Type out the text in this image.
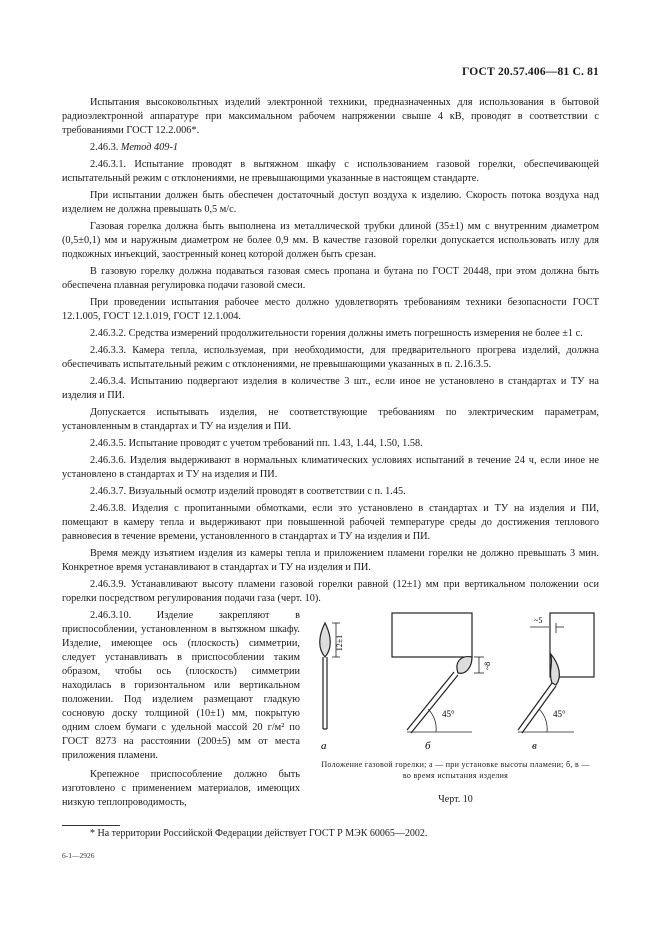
ГОСТ 20.57.406—81 С. 81

Испытания высоковольтных изделий электронной техники, предназначенных для использования в бытовой радиоэлектронной аппаратуре при максимальном рабочем напряжении свыше 4 кВ, проводят в соответствии с требованиями ГОСТ 12.2.006*.

2.46.3. Метод 409-1

2.46.3.1. Испытание проводят в вытяжном шкафу с использованием газовой горелки, обеспечивающей испытательный режим с отклонениями, не превышающими указанные в настоящем стандарте.

При испытании должен быть обеспечен достаточный доступ воздуха к изделию. Скорость потока воздуха над изделием не должна превышать 0,5 м/с.

Газовая горелка должна быть выполнена из металлической трубки длиной (35±1) мм с внутренним диаметром (0,5±0,1) мм и наружным диаметром не более 0,9 мм. В качестве газовой горелки допускается использовать иглу для подкожных инъекций, заостренный конец которой должен быть срезан.

В газовую горелку должна подаваться газовая смесь пропана и бутана по ГОСТ 20448, при этом должна быть обеспечена плавная регулировка подачи газовой смеси.

При проведении испытания рабочее место должно удовлетворять требованиям техники безопасности ГОСТ 12.1.005, ГОСТ 12.1.019, ГОСТ 12.1.004.

2.46.3.2. Средства измерений продолжительности горения должны иметь погрешность измерения не более ±1 с.

2.46.3.3. Камера тепла, используемая, при необходимости, для предварительного прогрева изделий, должна обеспечивать испытательный режим с отклонениями, не превышающими указанных в п. 2.16.3.5.

2.46.3.4. Испытанию подвергают изделия в количестве 3 шт., если иное не установлено в стандартах и ТУ на изделия и ПИ.

Допускается испытывать изделия, не соответствующие требованиям по электрическим параметрам, установленным в стандартах и ТУ на изделия и ПИ.

2.46.3.5. Испытание проводят с учетом требований пп. 1.43, 1.44, 1.50, 1.58.

2.46.3.6. Изделия выдерживают в нормальных климатических условиях испытаний в течение 24 ч, если иное не установлено в стандартах и ТУ на изделия и ПИ.

2.46.3.7. Визуальный осмотр изделий проводят в соответствии с п. 1.45.

2.46.3.8. Изделия с пропитанными обмотками, если это установлено в стандартах и ТУ на изделия и ПИ, помещают в камеру тепла и выдерживают при повышенной рабочей температуре среды до достижения теплового равновесия в течение времени, установленного в стандартах и ТУ на изделия и ПИ.

Время между изъятием изделия из камеры тепла и приложением пламени горелки не должно превышать 3 мин. Конкретное время устанавливают в стандартах и ТУ на изделия и ПИ.

2.46.3.9. Устанавливают высоту пламени газовой горелки равной (12±1) мм при вертикальном положении оси горелки посредством регулирования подачи газа (черт. 10).

2.46.3.10. Изделие закрепляют в приспособлении, установленном в вытяжном шкафу. Изделие, имеющее ось (плоскость) симметрии, следует устанавливать в приспособлении таким образом, чтобы ось (плоскость) симметрии находилась в горизонтальном или вертикальном положении. Под изделием размещают гладкую сосновую доску толщиной (10±1) мм, покрытую одним слоем бумаги с удельной массой 20 г/м² по ГОСТ 8273 на расстоянии (200±5) мм от места приложения пламени.

Крепежное приспособление должно быть изготовлено с применением материалов, имеющих низкую теплопроводимость,

12±1
а
~8
45°
б
~5
45°
в
Положение газовой горелки; а — при установке высоты пламени; б, в — во время испытания изделия
Черт. 10
* На территории Российской Федерации действует ГОСТ Р МЭК 60065—2002.
6-1—2926
